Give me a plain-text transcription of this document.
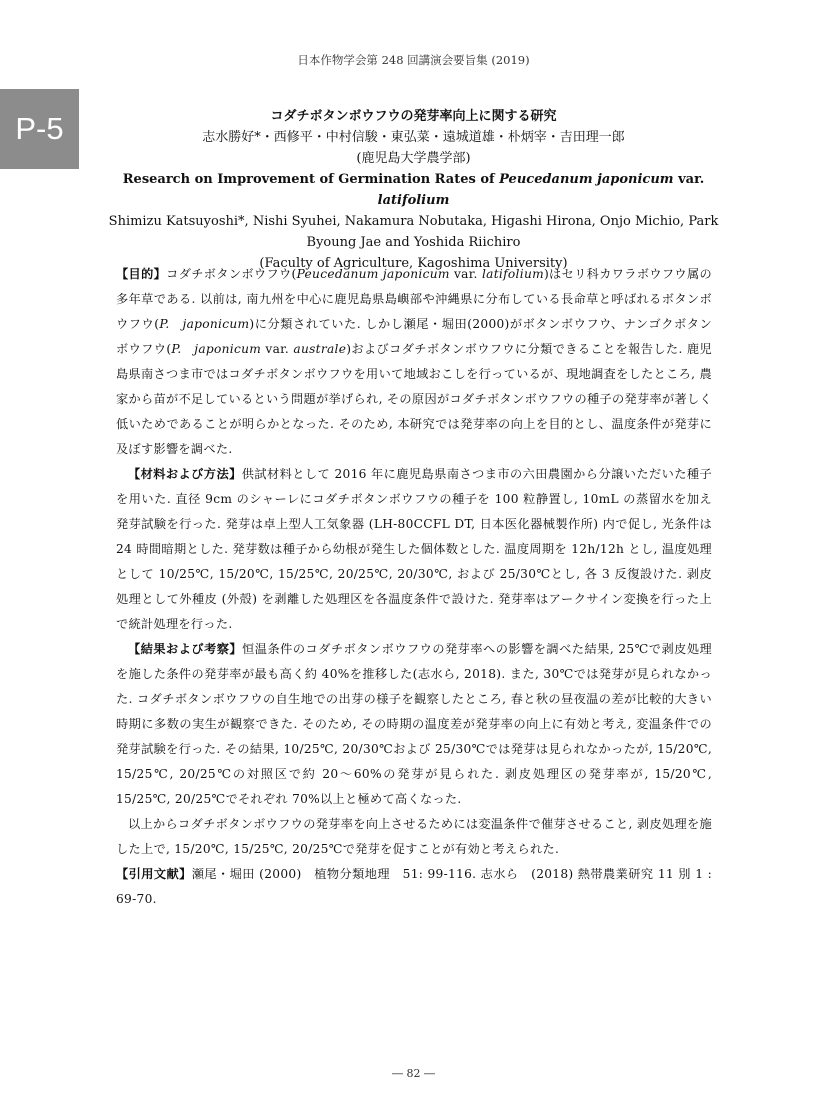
日本作物学会第 248 回講演会要旨集 (2019)
P-5	コダチボタンボウフウの発芽率向上に関する研究
志水勝好*・西修平・中村信駿・東弘菜・遠城道雄・朴炳宰・吉田理一郎
(鹿児島大学農学部)
Research on Improvement of Germination Rates of Peucedanum japonicum var. latifolium
Shimizu Katsuyoshi*, Nishi Syuhei, Nakamura Nobutaka, Higashi Hirona, Onjo Michio, Park
Byoung Jae and Yoshida Riichiro
(Faculty of Agriculture, Kagoshima University)

【目的】コダチボタンボウフウ(Peucedanum japonicum var. latifolium)はセリ科カワラボウフウ属の多年草である. 以前は, 南九州を中心に鹿児島県島嶼部や沖縄県に分布している長命草と呼ばれるボタンボウフウ(P.　japonicum)に分類されていた. しかし瀬尾・堀田(2000)がボタンボウフウ、ナンゴクボタンボウフウ(P.　japonicum var. australe)およびコダチボタンボウフウに分類できることを報告した. 鹿児島県南さつま市ではコダチボタンボウフウを用いて地域おこしを行っているが、現地調査をしたところ, 農家から苗が不足しているという問題が挙げられ, その原因がコダチボタンボウフウの種子の発芽率が著しく低いためであることが明らかとなった. そのため, 本研究では発芽率の向上を目的とし、温度条件が発芽に及ぼす影響を調べた.

【材料および方法】供試材料として 2016 年に鹿児島県南さつま市の六田農園から分譲いただいた種子を用いた. 直径 9cm のシャーレにコダチボタンボウフウの種子を 100 粒静置し, 10mL の蒸留水を加え発芽試験を行った. 発芽は卓上型人工気象器 (LH-80CCFL DT, 日本医化器械製作所) 内で促し, 光条件は 24 時間暗期とした. 発芽数は種子から幼根が発生した個体数とした. 温度周期を 12h/12h とし, 温度処理として 10/25℃, 15/20℃, 15/25℃, 20/25℃, 20/30℃, および 25/30℃とし, 各 3 反復設けた. 剥皮処理として外種皮 (外殻) を剥離した処理区を各温度条件で設けた. 発芽率はアークサイン変換を行った上で統計処理を行った.

【結果および考察】恒温条件のコダチボタンボウフウの発芽率への影響を調べた結果, 25℃で剥皮処理を施した条件の発芽率が最も高く約 40%を推移した(志水ら, 2018). また, 30℃では発芽が見られなかった. コダチボタンボウフウの自生地での出芽の様子を観察したところ, 春と秋の昼夜温の差が比較的大きい時期に多数の実生が観察できた. そのため, その時期の温度差が発芽率の向上に有効と考え, 変温条件での発芽試験を行った. その結果, 10/25℃, 20/30℃および 25/30℃では発芽は見られなかったが, 15/20℃, 15/25℃, 20/25℃の対照区で約 20～60%の発芽が見られた. 剥皮処理区の発芽率が, 15/20℃, 15/25℃, 20/25℃でそれぞれ 70%以上と極めて高くなった.

以上からコダチボタンボウフウの発芽率を向上させるためには変温条件で催芽させること, 剥皮処理を施した上で, 15/20℃, 15/25℃, 20/25℃で発芽を促すことが有効と考えられた.

【引用文献】瀬尾・堀田 (2000)　植物分類地理　51: 99-116. 志水ら　(2018) 熱帯農業研究 11 別 1 : 69-70.

― 82 ―
